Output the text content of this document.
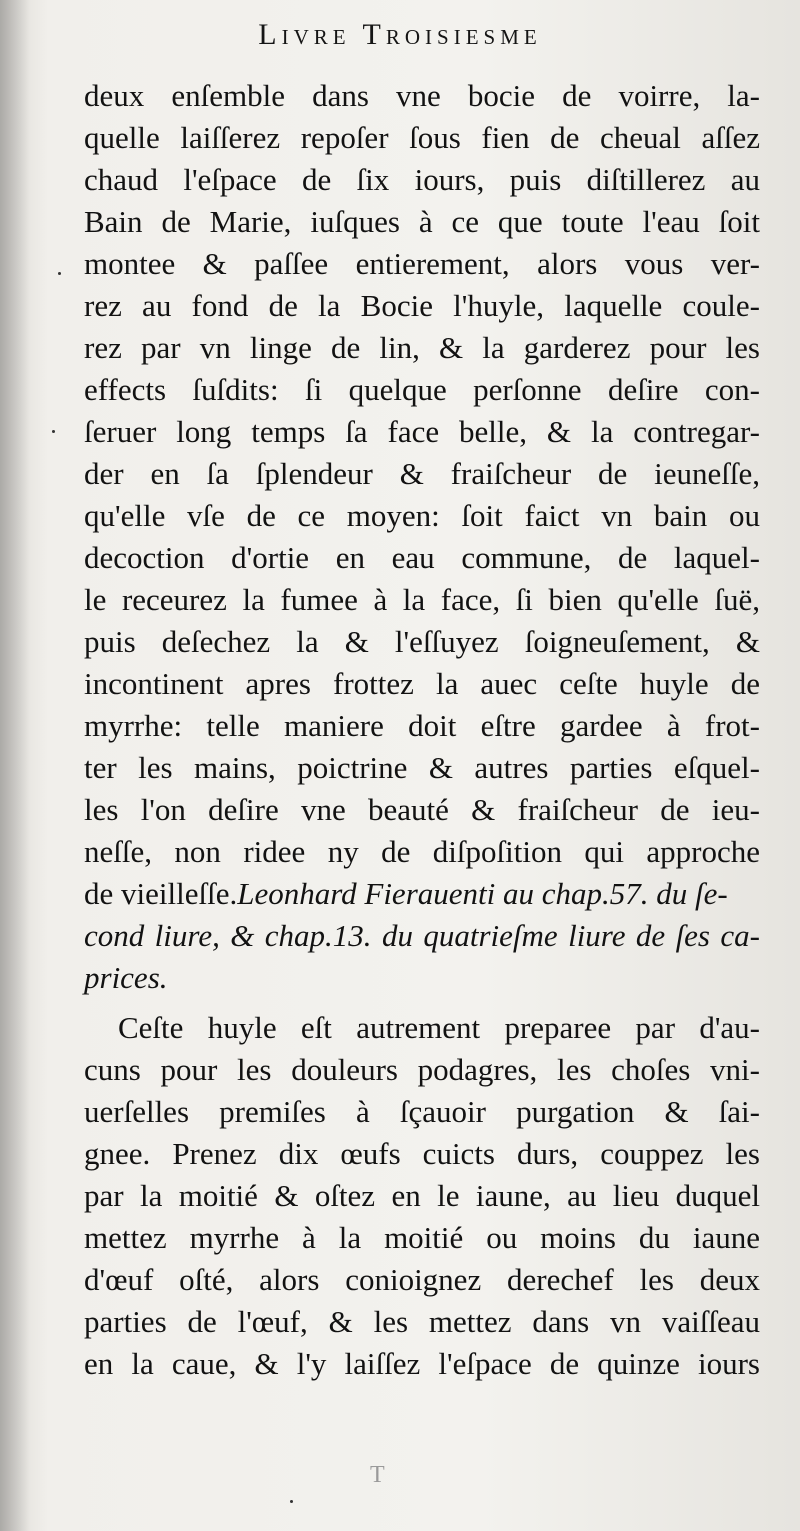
Livre Troisiesme
deux enſemble dans vne bocie de voirre, la-
quelle laiſſerez repoſer ſous fien de cheual aſſez
chaud l'eſpace de ſix iours, puis diſtillerez au
Bain de Marie, iuſques à ce que toute l'eau ſoit
montee & paſſee entierement, alors vous ver-
rez au fond de la Bocie l'huyle, laquelle coule-
rez par vn linge de lin, & la garderez pour les
effects ſuſdits: ſi quelque perſonne deſire con-
ſeruer long temps ſa face belle, & la contregar-
der en ſa ſplendeur & fraiſcheur de ieuneſſe,
qu'elle vſe de ce moyen: ſoit faict vn bain ou
decoction d'ortie en eau commune, de laquel-
le receurez la fumee à la face, ſi bien qu'elle ſuë,
puis deſechez la & l'eſſuyez ſoigneuſement, &
incontinent apres frottez la auec ceſte huyle de
myrrhe: telle maniere doit eſtre gardee à frot-
ter les mains, poictrine & autres parties eſquel-
les l'on deſire vne beauté & fraiſcheur de ieu-
neſſe, non ridee ny de diſpoſition qui approche
de vieilleſſe.Leonhard Fierauenti au chap.57. du ſe-
cond liure, & chap.13. du quatrieſme liure de ſes ca-
prices.
Ceſte huyle eſt autrement preparee par d'au-
cuns pour les douleurs podagres, les choſes vni-
uerſelles premiſes à ſçauoir purgation & ſai-
gnee. Prenez dix œufs cuicts durs, couppez les
par la moitié & oſtez en le iaune, au lieu duquel
mettez myrrhe à la moitié ou moins du iaune
d'œuf oſté, alors conioignez derechef les deux
parties de l'œuf, & les mettez dans vn vaiſſeau
en la caue, & l'y laiſſez l'eſpace de quinze iours
T
